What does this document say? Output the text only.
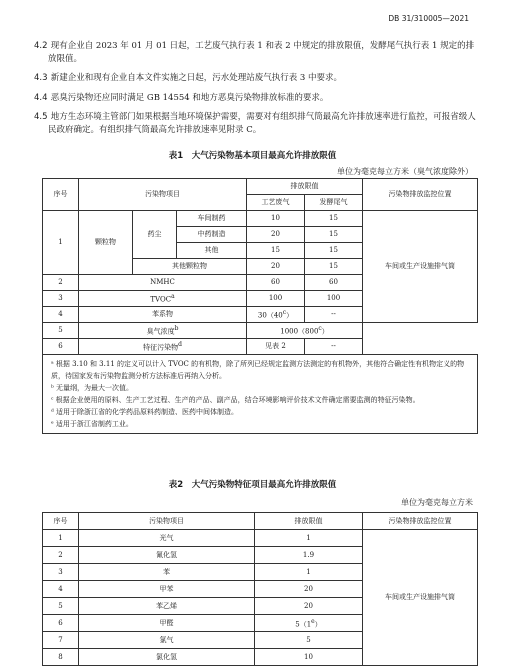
DB 31/310005—2021
4.2 现有企业自 2023 年 01 月 01 日起，工艺废气执行表 1 和表 2 中规定的排放限值，发酵尾气执行表 1 规定的排放限值。
4.3 新建企业和现有企业自本文件实施之日起，污水处理站废气执行表 3 中要求。
4.4 恶臭污染物还应同时满足 GB 14554 和地方恶臭污染物排放标准的要求。
4.5 地方生态环境主管部门如果根据当地环境保护需要，需要对有组织排气筒最高允许排放速率进行监控，可报省级人民政府确定。有组织排气筒最高允许排放速率见附录 C。
表1　大气污染物基本项目最高允许排放限值
单位为毫克每立方米（臭气浓度除外）
序号	污染物项目			排放限值		污染物排放监控位置
				工艺废气	发酵尾气	
1	颗粒物	药尘	车间制药	10	15	车间或生产设施排气筒
			中药制造	20	15	
			其他	15	15	
		其他颗粒物		20	15	
2	NMHC			60	60	
3	TVOC$^a$			100	100	
4	苯系物			30（40$^c$）	--	
5	臭气浓度$^b$			1000（800$^c$）		
6	特征污染物$^d$			见表 2	--	

ᵃ 根据 3.10 和 3.11 的定义可以计入 TVOC 的有机物，除了所列已经规定监测方法测定的有机物外，其他符合确定性有机物定义的物质，待国家发布污染物监测分析方法标准后再纳入分析。
ᵇ 无量纲，为最大一次值。
ᶜ 根据企业使用的原料、生产工艺过程、生产的产品、副产品，结合环境影响评价技术文件确定需要监测的特征污染物。
ᵈ 适用于除浙江省的化学药品原料药制造、医药中间体制造。
ᵉ 适用于浙江省制药工业。						
表2　大气污染物特征项目最高允许排放限值
单位为毫克每立方米
序号	污染物项目	排放限值	污染物排放监控位置
1	光气	1	车间或生产设施排气筒
2	氰化氢	1.9	
3	苯	1	
4	甲苯	20	
5	苯乙烯	20	
6	甲醛	5（1e）	
7	氯气	5	
8	氯化氢	10	
